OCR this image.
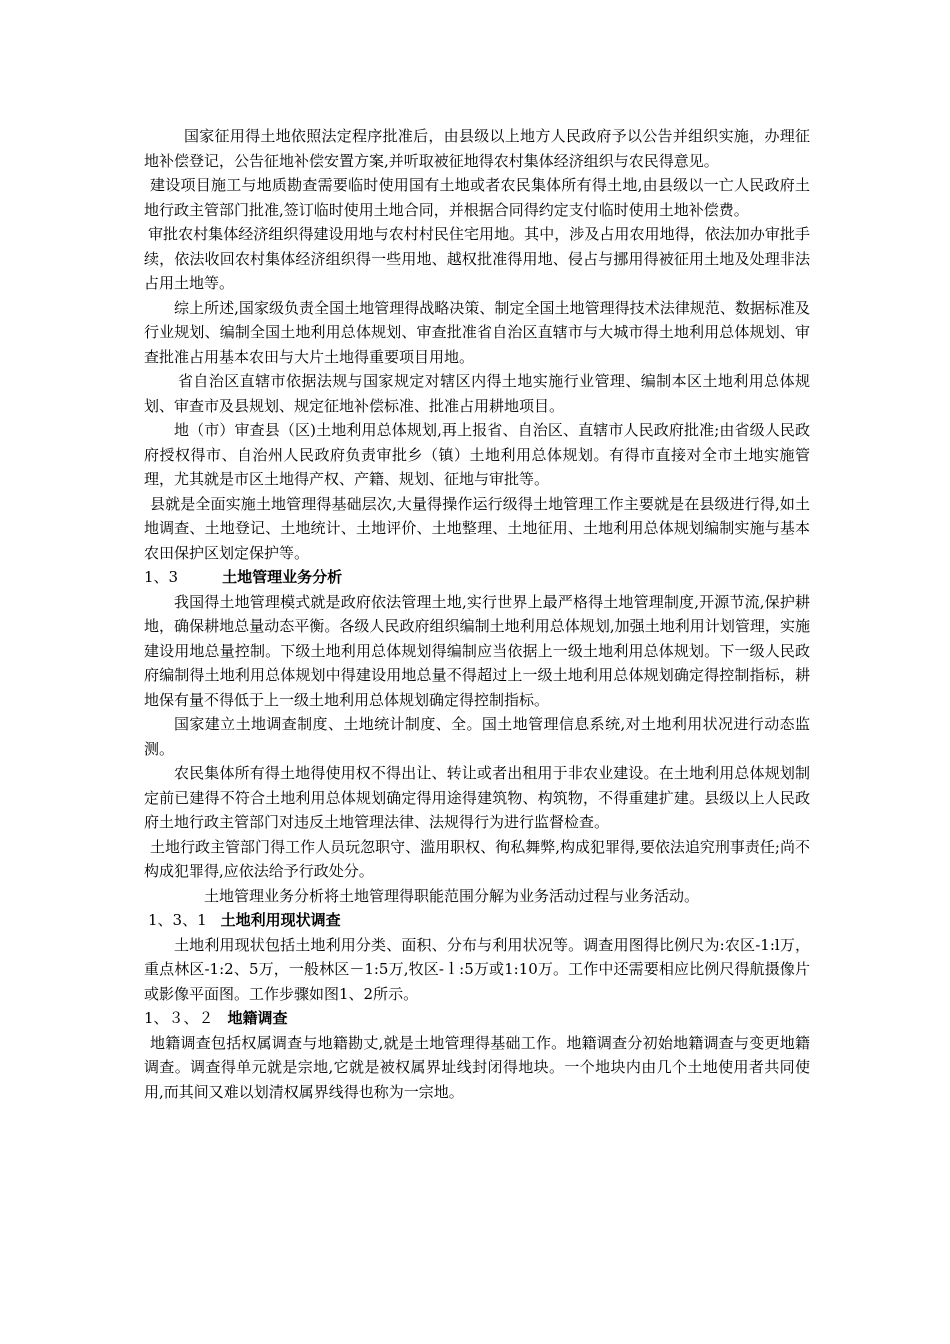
国家征用得土地依照法定程序批准后，由县级以上地方人民政府予以公告并组织实施，办理征地补偿登记，公告征地补偿安置方案,并听取被征地得农村集体经济组织与农民得意见。

建设项目施工与地质勘查需要临时使用国有土地或者农民集体所有得土地,由县级以一亡人民政府土地行政主管部门批准,签订临时使用土地合同，并根据合同得约定支付临时使用土地补偿费。

审批农村集体经济组织得建设用地与农村村民住宅用地。其中，涉及占用农用地得，依法加办审批手续，依法收回农村集体经济组织得一些用地、越权批准得用地、侵占与挪用得被征用土地及处理非法占用土地等。

综上所述,国家级负责全国土地管理得战略决策、制定全国土地管理得技术法律规范、数据标准及行业规划、编制全国土地利用总体规划、审查批准省自治区直辖市与大城市得土地利用总体规划、审查批准占用基本农田与大片土地得重要项目用地。

省自治区直辖市依据法规与国家规定对辖区内得土地实施行业管理、编制本区土地利用总体规划、审查市及县规划、规定征地补偿标准、批准占用耕地项目。

地（市）审查县（区)土地利用总体规划,再上报省、自治区、直辖市人民政府批准;由省级人民政府授权得市、自治州人民政府负责审批乡（镇）土地利用总体规划。有得市直接对全市土地实施管理，尤其就是市区土地得产权、产籍、规划、征地与审批等。

县就是全面实施土地管理得基础层次,大量得操作运行级得土地管理工作主要就是在县级进行得,如土地调查、土地登记、土地统计、土地评价、土地整理、土地征用、土地利用总体规划编制实施与基本农田保护区划定保护等。

1、3	土地管理业务分析

我国得土地管理模式就是政府依法管理土地,实行世界上最严格得土地管理制度,开源节流,保护耕地，确保耕地总量动态平衡。各级人民政府组织编制土地利用总体规划,加强土地利用计划管理，实施建设用地总量控制。下级土地利用总体规划得编制应当依据上一级土地利用总体规划。下一级人民政府编制得土地利用总体规划中得建设用地总量不得超过上一级土地利用总体规划确定得控制指标，耕地保有量不得低于上一级土地利用总体规划确定得控制指标。

国家建立土地调查制度、土地统计制度、全。国土地管理信息系统,对土地利用状况进行动态监测。

农民集体所有得土地得使用权不得出让、转让或者出租用于非农业建设。在土地利用总体规划制定前已建得不符合土地利用总体规划确定得用途得建筑物、构筑物，不得重建扩建。县级以上人民政府土地行政主管部门对违反土地管理法律、法规得行为进行监督检查。

土地行政主管部门得工作人员玩忽职守、滥用职权、徇私舞弊,构成犯罪得,要依法追究刑事责任;尚不构成犯罪得,应依法给予行政处分。

土地管理业务分析将土地管理得职能范围分解为业务活动过程与业务活动。

1、3、1 土地利用现状调查

土地利用现状包括土地利用分类、面积、分布与利用状况等。调查用图得比例尺为:农区-1:l万，重点林区-1:2、5万，一般林区－1:5万,牧区-ｌ:5万或1:10万。工作中还需要相应比例尺得航摄像片或影像平面图。工作步骤如图1、2所示。

1、３、２ 地籍调查

地籍调查包括权属调查与地籍勘丈,就是土地管理得基础工作。地籍调查分初始地籍调查与变更地籍调查。调查得单元就是宗地,它就是被权属界址线封闭得地块。一个地块内由几个土地使用者共同使用,而其间又难以划清权属界线得也称为一宗地。
